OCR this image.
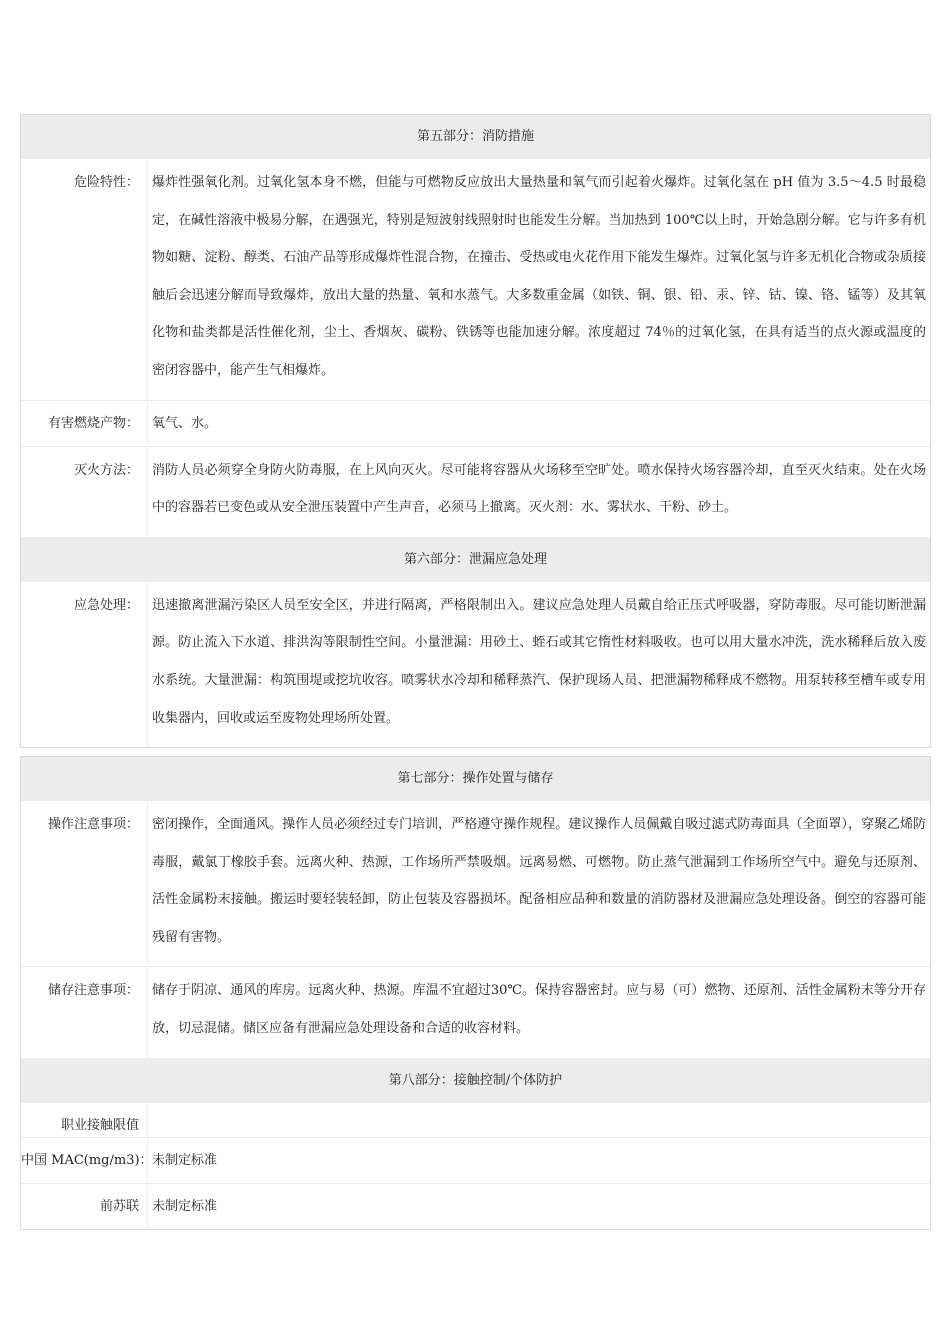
第五部分：消防措施
危险特性：	爆炸性强氧化剂。过氧化氢本身不燃，但能与可燃物反应放出大量热量和氧气而引起着火爆炸。过氧化氢在 pH 值为 3.5～4.5 时最稳定，在碱性溶液中极易分解，在遇强光，特别是短波射线照射时也能发生分解。当加热到 100℃以上时，开始急剧分解。它与许多有机物如糖、淀粉、醇类、石油产品等形成爆炸性混合物，在撞击、受热或电火花作用下能发生爆炸。过氧化氢与许多无机化合物或杂质接触后会迅速分解而导致爆炸，放出大量的热量、氧和水蒸气。大多数重金属（如铁、铜、银、铅、汞、锌、钴、镍、铬、锰等）及其氧化物和盐类都是活性催化剂，尘土、香烟灰、碳粉、铁锈等也能加速分解。浓度超过 74％的过氧化氢，在具有适当的点火源或温度的密闭容器中，能产生气相爆炸。
有害燃烧产物：	氧气、水。
灭火方法：	消防人员必须穿全身防火防毒服，在上风向灭火。尽可能将容器从火场移至空旷处。喷水保持火场容器冷却，直至灭火结束。处在火场中的容器若已变色或从安全泄压装置中产生声音，必须马上撤离。灭火剂：水、雾状水、干粉、砂土。
第六部分：泄漏应急处理
应急处理：	迅速撤离泄漏污染区人员至安全区，并进行隔离，严格限制出入。建议应急处理人员戴自给正压式呼吸器，穿防毒服。尽可能切断泄漏源。防止流入下水道、排洪沟等限制性空间。小量泄漏：用砂土、蛭石或其它惰性材料吸收。也可以用大量水冲洗，洗水稀释后放入废水系统。大量泄漏：构筑围堤或挖坑收容。喷雾状水冷却和稀释蒸汽、保护现场人员、把泄漏物稀释成不燃物。用泵转移至槽车或专用收集器内，回收或运至废物处理场所处置。
第七部分：操作处置与储存
操作注意事项：	密闭操作，全面通风。操作人员必须经过专门培训，严格遵守操作规程。建议操作人员佩戴自吸过滤式防毒面具（全面罩），穿聚乙烯防毒服，戴氯丁橡胶手套。远离火种、热源，工作场所严禁吸烟。远离易燃、可燃物。防止蒸气泄漏到工作场所空气中。避免与还原剂、活性金属粉末接触。搬运时要轻装轻卸，防止包装及容器损坏。配备相应品种和数量的消防器材及泄漏应急处理设备。倒空的容器可能残留有害物。
储存注意事项：	储存于阴凉、通风的库房。远离火种、热源。库温不宜超过30℃。保持容器密封。应与易（可）燃物、还原剂、活性金属粉末等分开存放，切忌混储。储区应备有泄漏应急处理设备和合适的收容材料。
第八部分：接触控制/个体防护
职业接触限值
中国 MAC(mg/m3)： 未制定标准
前苏联	未制定标准
